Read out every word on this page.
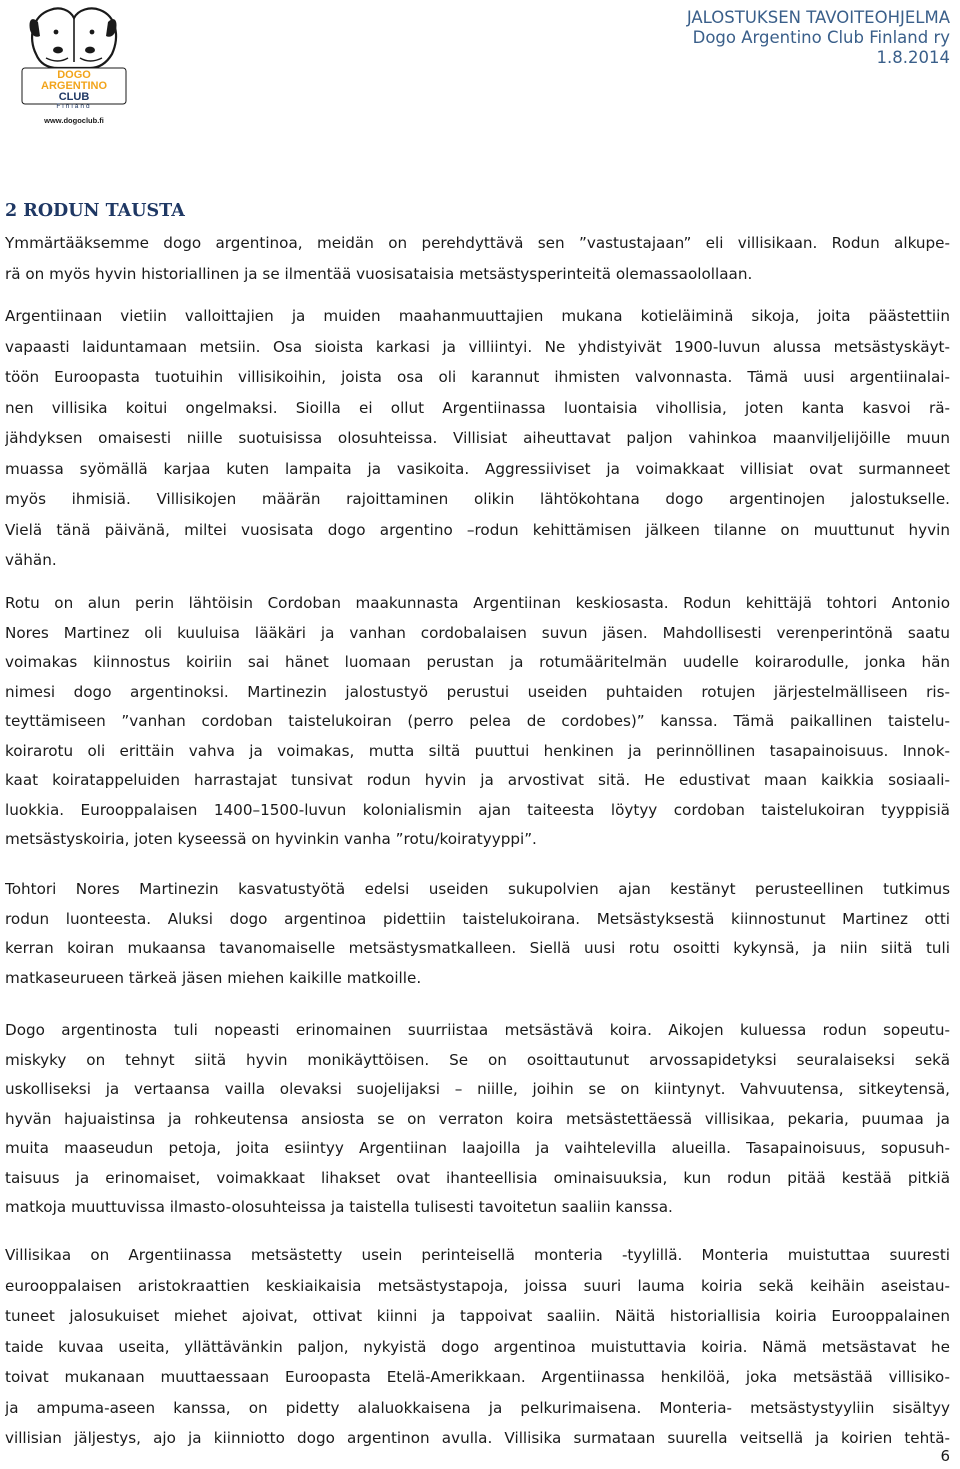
DOGO
ARGENTINO
CLUB
Finland
www.dogoclub.fi
JALOSTUKSEN TAVOITEOHJELMA
Dogo Argentino Club Finland ry
1.8.2014
2 RODUN TAUSTA
Ymmärtääksemme dogo argentinoa, meidän on perehdyttävä sen ”vastustajaan” eli villisikaan. Rodun alkupe-
rä on myös hyvin historiallinen ja se ilmentää vuosisataisia metsästysperinteitä olemassaolollaan.
Argentiinaan vietiin valloittajien ja muiden maahanmuuttajien mukana kotieläiminä sikoja, joita päästettiin
vapaasti laiduntamaan metsiin. Osa sioista karkasi ja villiintyi. Ne yhdistyivät 1900-luvun alussa metsästyskäyt-
töön Euroopasta tuotuihin villisikoihin, joista osa oli karannut ihmisten valvonnasta. Tämä uusi argentiinalai-
nen villisika koitui ongelmaksi. Sioilla ei ollut Argentiinassa luontaisia vihollisia, joten kanta kasvoi rä-
jähdyksen omaisesti niille suotuisissa olosuhteissa. Villisiat aiheuttavat paljon vahinkoa maanviljelijöille muun
muassa syömällä karjaa kuten lampaita ja vasikoita. Aggressiiviset ja voimakkaat villisiat ovat surmanneet
myös ihmisiä. Villisikojen määrän rajoittaminen olikin lähtökohtana dogo argentinojen jalostukselle.
Vielä tänä päivänä, miltei vuosisata dogo argentino –rodun kehittämisen jälkeen tilanne on muuttunut hyvin
vähän.
Rotu on alun perin lähtöisin Cordoban maakunnasta Argentiinan keskiosasta. Rodun kehittäjä tohtori Antonio
Nores Martinez oli kuuluisa lääkäri ja vanhan cordobalaisen suvun jäsen. Mahdollisesti verenperintönä saatu
voimakas kiinnostus koiriin sai hänet luomaan perustan ja rotumääritelmän uudelle koirarodulle, jonka hän
nimesi dogo argentinoksi. Martinezin jalostustyö perustui useiden puhtaiden rotujen järjestelmälliseen ris-
teyttämiseen ”vanhan cordoban taistelukoiran (perro pelea de cordobes)” kanssa. Tämä paikallinen taistelu-
koirarotu oli erittäin vahva ja voimakas, mutta siltä puuttui henkinen ja perinnöllinen tasapainoisuus. Innok-
kaat koiratappeluiden harrastajat tunsivat rodun hyvin ja arvostivat sitä. He edustivat maan kaikkia sosiaali-
luokkia. Eurooppalaisen 1400–1500-luvun kolonialismin ajan taiteesta löytyy cordoban taistelukoiran tyyppisiä
metsästyskoiria, joten kyseessä on hyvinkin vanha ”rotu/koiratyyppi”.
Tohtori Nores Martinezin kasvatustyötä edelsi useiden sukupolvien ajan kestänyt perusteellinen tutkimus
rodun luonteesta. Aluksi dogo argentinoa pidettiin taistelukoirana. Metsästyksestä kiinnostunut Martinez otti
kerran koiran mukaansa tavanomaiselle metsästysmatkalleen. Siellä uusi rotu osoitti kykynsä, ja niin siitä tuli
matkaseurueen tärkeä jäsen miehen kaikille matkoille.
Dogo argentinosta tuli nopeasti erinomainen suurriistaa metsästävä koira. Aikojen kuluessa rodun sopeutu-
miskyky on tehnyt siitä hyvin monikäyttöisen. Se on osoittautunut arvossapidetyksi seuralaiseksi sekä
uskolliseksi ja vertaansa vailla olevaksi suojelijaksi – niille, joihin se on kiintynyt. Vahvuutensa, sitkeytensä,
hyvän hajuaistinsa ja rohkeutensa ansiosta se on verraton koira metsästettäessä villisikaa, pekaria, puumaa ja
muita maaseudun petoja, joita esiintyy Argentiinan laajoilla ja vaihtelevilla alueilla. Tasapainoisuus, sopusuh-
taisuus ja erinomaiset, voimakkaat lihakset ovat ihanteellisia ominaisuuksia, kun rodun pitää kestää pitkiä
matkoja muuttuvissa ilmasto-olosuhteissa ja taistella tulisesti tavoitetun saaliin kanssa.
Villisikaa on Argentiinassa metsästetty usein perinteisellä monteria -tyylillä. Monteria muistuttaa suuresti
eurooppalaisen aristokraattien keskiaikaisia metsästystapoja, joissa suuri lauma koiria sekä keihäin aseistau-
tuneet jalosukuiset miehet ajoivat, ottivat kiinni ja tappoivat saaliin. Näitä historiallisia koiria Eurooppalainen
taide kuvaa useita, yllättävänkin paljon, nykyistä dogo argentinoa muistuttavia koiria. Nämä metsästavat he
toivat mukanaan muuttaessaan Euroopasta Etelä-Amerikkaan. Argentiinassa henkilöä, joka metsästää villisiko-
ja ampuma-aseen kanssa, on pidetty alaluokkaisena ja pelkurimaisena. Monteria- metsästystyyliin sisältyy
villisian jäljestys, ajo ja kiinniotto dogo argentinon avulla. Villisika surmataan suurella veitsellä ja koirien tehtä-
6
